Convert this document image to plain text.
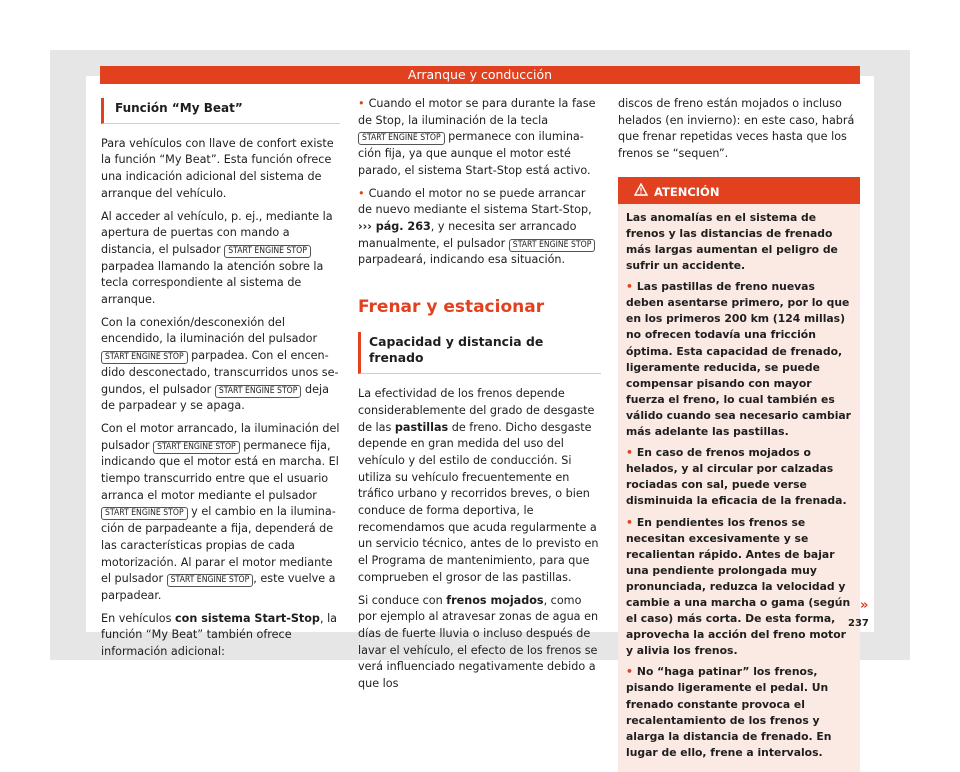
Arranque y conducción
Función “My Beat”

Para vehículos con llave de confort existe la función “My Beat”. Esta función ofrece una indicación adicional del sistema de arranque del vehículo.

Al acceder al vehículo, p. ej., mediante la apertura de puertas con mando a distancia, el pulsador START ENGINE STOP parpadea llamando la atención sobre la tecla correspondiente al sistema de arranque.

Con la conexión/desconexión del encendido, la iluminación del pulsador START ENGINE STOP parpadea. Con el encendido desconectado, transcurridos unos segundos, el pulsador START ENGINE STOP deja de parpadear y se apaga.

Con el motor arrancado, la iluminación del pulsador START ENGINE STOP permanece fija, indicando que el motor está en marcha. El tiempo transcurrido entre que el usuario arranca el motor mediante el pulsador START ENGINE STOP y el cambio en la iluminación de parpadeante a fija, dependerá de las características propias de cada motorización. Al parar el motor mediante el pulsador START ENGINE STOP , este vuelve a parpadear.

En vehículos con sistema Start-Stop, la función “My Beat” también ofrece información adicional:

• Cuando el motor se para durante la fase de Stop, la iluminación de la tecla START ENGINE STOP permanece con iluminación fija, ya que aunque el motor esté parado, el sistema Start-Stop está activo.

• Cuando el motor no se puede arrancar de nuevo mediante el sistema Start-Stop, ››› pág. 263, y necesita ser arrancado manualmente, el pulsador START ENGINE STOP parpadeará, indicando esa situación.

Frenar y estacionar
Capacidad y distancia de frenado

La efectividad de los frenos depende considerablemente del grado de desgaste de las pastillas de freno. Dicho desgaste depende en gran medida del uso del vehículo y del estilo de conducción. Si utiliza su vehículo frecuentemente en tráfico urbano y recorridos breves, o bien conduce de forma deportiva, le recomendamos que acuda regularmente a un servicio técnico, antes de lo previsto en el Programa de mantenimiento, para que comprueben el grosor de las pastillas.

Si conduce con frenos mojados, como por ejemplo al atravesar zonas de agua en días de fuerte lluvia o incluso después de lavar el vehículo, el efecto de los frenos se verá influenciado negativamente debido a que los

discos de freno están mojados o incluso helados (en invierno): en este caso, habrá que frenar repetidas veces hasta que los frenos se “sequen”.

ATENCIÓN

Las anomalías en el sistema de frenos y las distancias de frenado más largas aumentan el peligro de sufrir un accidente.

• Las pastillas de freno nuevas deben asentarse primero, por lo que en los primeros 200 km (124 millas) no ofrecen todavía una fricción óptima. Esta capacidad de frenado, ligeramente reducida, se puede compensar pisando con mayor fuerza el freno, lo cual también es válido cuando sea necesario cambiar más adelante las pastillas.

• En caso de frenos mojados o helados, y al circular por calzadas rociadas con sal, puede verse disminuida la eficacia de la frenada.

• En pendientes los frenos se necesitan excesivamente y se recalientan rápido. Antes de bajar una pendiente prolongada muy pronunciada, reduzca la velocidad y cambie a una marcha o gama (según el caso) más corta. De esta forma, aprovecha la acción del freno motor y alivia los frenos.

• No “haga patinar” los frenos, pisando ligeramente el pedal. Un frenado constante provoca el recalentamiento de los frenos y alarga la distancia de frenado. En lugar de ello, frene a intervalos.

»
237
